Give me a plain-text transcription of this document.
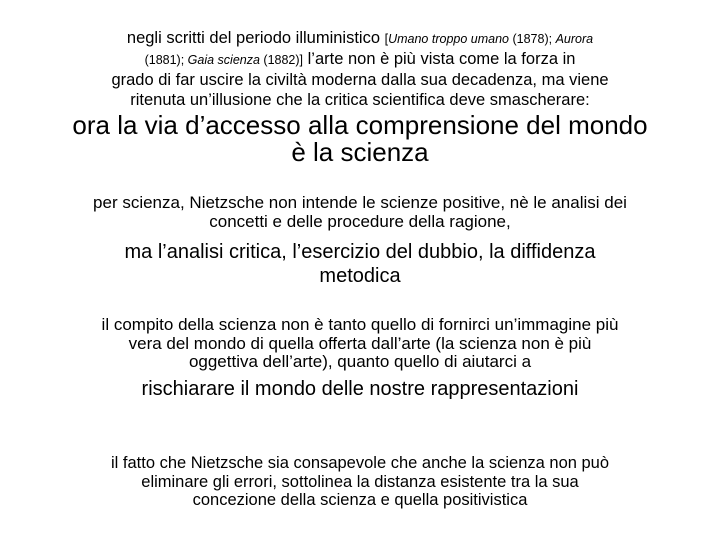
negli scritti del periodo illuministico [Umano troppo umano (1878); Aurora
(1881); Gaia scienza (1882)] l’arte non è più vista come la forza in
grado di far uscire la civiltà moderna dalla sua decadenza, ma viene
ritenuta un’illusione che la critica scientifica deve smascherare:
ora la via d’accesso alla comprensione del mondo
è la scienza
per scienza, Nietzsche non intende le scienze positive, nè le analisi dei
concetti e delle procedure della ragione,
ma l’analisi critica, l’esercizio del dubbio, la diffidenza
metodica
il compito della scienza non è tanto quello di fornirci un’immagine più
vera del mondo di quella offerta dall’arte (la scienza non è più
oggettiva dell’arte), quanto quello di aiutarci a
rischiarare il mondo delle nostre rappresentazioni
il fatto che Nietzsche sia consapevole che anche la scienza non può
eliminare gli errori, sottolinea la distanza esistente tra la sua
concezione della scienza e quella positivistica
